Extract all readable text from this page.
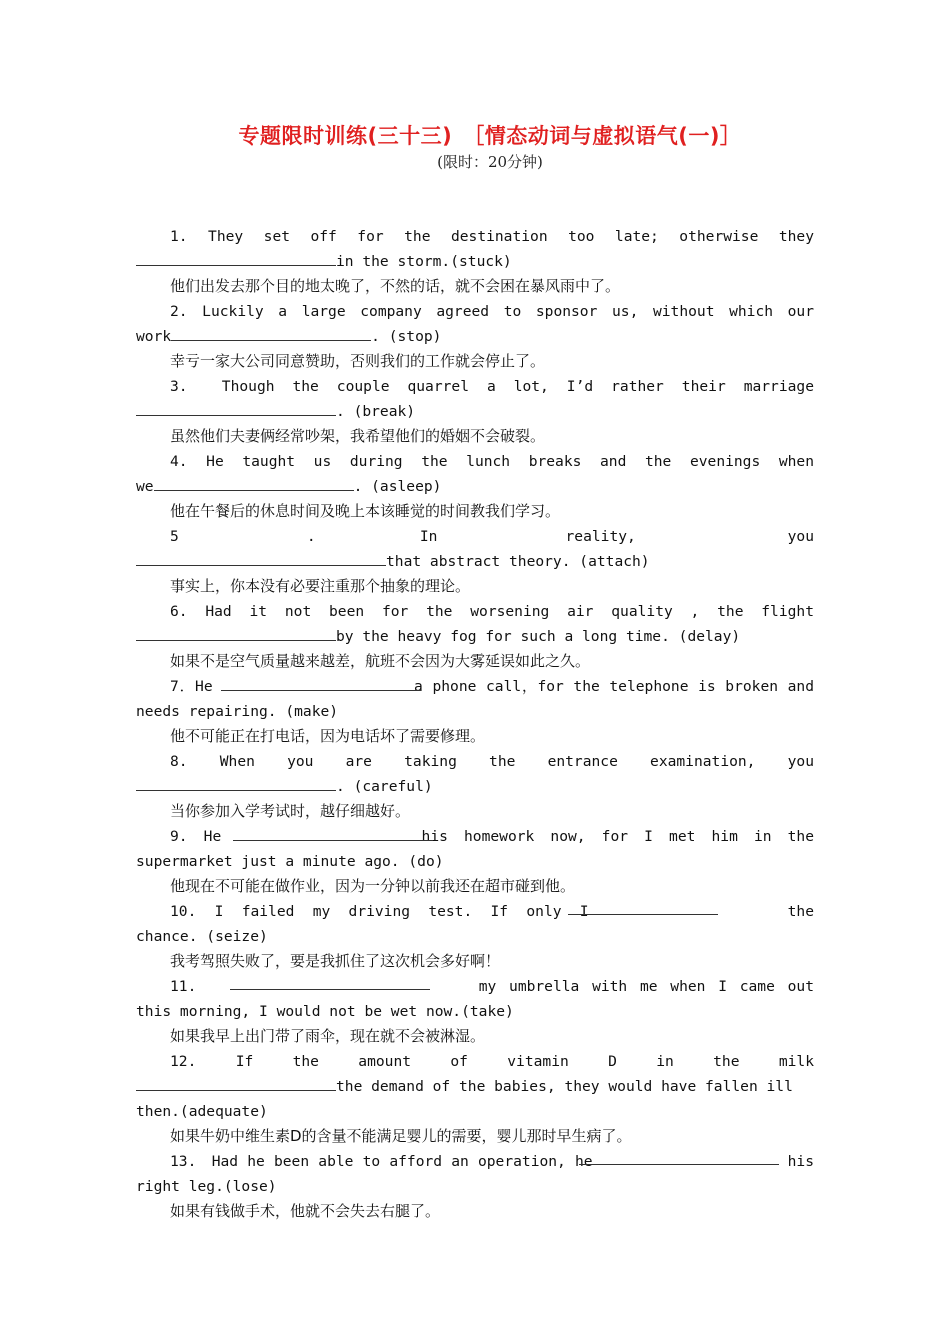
专题限时训练(三十三)　［情态动词与虚拟语气(一)］
(限时：20分钟)

1.　They　set　off　for　the　destination　too　late;　otherwise　they
in the storm.(stuck)

他们出发去那个目的地太晚了，不然的话，就不会困在暴风雨中了。

2.　Luckily　a　large　company　agreed　to　sponsor　us,　without　which　our
work	. (stop)

幸亏一家大公司同意赞助，否则我们的工作就会停止了。

3.　　Though　the　couple　quarrel　a　lot,　I’d　rather　their　marriage
. (break)

虽然他们夫妻俩经常吵架，我希望他们的婚姻不会破裂。

4.　He　taught　us　during　the　lunch　breaks　and　the　evenings　when
we	. (asleep)

他在午餐后的休息时间及晚上本该睡觉的时间教我们学习。

5　　　　　.　　　　In　　　　　reality,　　　　　　you
that abstract theory. (attach)

事实上，你本没有必要注重那个抽象的理论。

6.　Had　it　not　been　for　the　worsening　air　quality　,　the　flight
by the heavy fog for such a long time. (delay)

如果不是空气质量越来越差，航班不会因为大雾延误如此之久。

7．He　　　　　　　　　　　　　a phone call，for the telephone is broken and
needs repairing. (make)

他不可能正在打电话，因为电话坏了需要修理。

8.　　When　　you　　are　　taking　　the　　entrance　　examination,　　you
. (careful)

当你参加入学考试时，越仔细越好。

9.　He　　　　　　　　　　　　　his　homework　now,　for　I　met　him　in　the
supermarket just a minute ago. (do)

他现在不可能在做作业，因为一分钟以前我还在超市碰到他。

10.　I　failed　my　driving　test.　If　only　I　　　　　　　　　　　　the
chance. (seize)

我考驾照失败了，要是我抓住了这次机会多好啊！

11.　　　　　　　　　　　　　　　my umbrella with me when I came out
this morning, I would not be wet now.(take)

如果我早上出门带了雨伞，现在就不会被淋湿。

12.　　If　　the　　amount　　of　　vitamin　　D　　in　　the　　milk
the demand of the babies, they would have fallen ill
then.(adequate)

如果牛奶中维生素D的含量不能满足婴儿的需要，婴儿那时早生病了。

13.　Had he been able to afford an operation, he　　　　　　　　　　　　　his
right leg.(lose)

如果有钱做手术，他就不会失去右腿了。
